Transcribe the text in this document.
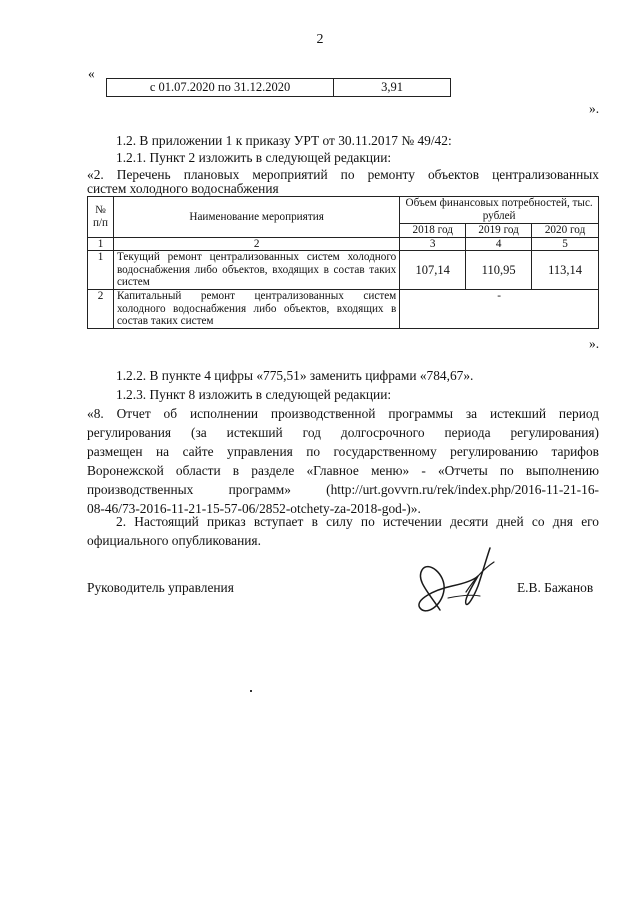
2
«
с 01.07.2020 по 31.12.2020	3,91
».
1.2. В приложении 1 к приказу УРТ от 30.11.2017 № 49/42:
1.2.1. Пункт 2 изложить в следующей редакции:
«2. Перечень плановых мероприятий по ремонту объектов централизованных
систем холодного водоснабжения
№ п/п	Наименование мероприятия	Объем финансовых потребностей, тыс. рублей		
		2018 год	2019 год	2020 год
1	2	3	4	5
1	Текущий ремонт централизованных систем холодного водоснабжения либо объектов, входящих в состав таких систем	107,14	110,95	113,14
2	Капитальный ремонт централизованных систем холодного водоснабжения либо объектов, входящих в состав таких систем	-		
».
1.2.2. В пункте 4 цифры «775,51» заменить цифрами «784,67».
1.2.3. Пункт 8 изложить в следующей редакции:
«8. Отчет об исполнении производственной программы за истекший период
регулирования (за истекший год долгосрочного периода регулирования)
размещен на сайте управления по государственному регулированию тарифов
Воронежской области в разделе «Главное меню» - «Отчеты по выполнению
производственных программ» (http://urt.govvrn.ru/rek/index.php/2016-11-21-16-
08-46/73-2016-11-21-15-57-06/2852-otchety-za-2018-god-)».
2. Настоящий приказ вступает в силу по истечении десяти дней со дня его
официального опубликования.
Руководитель управления	Е.В. Бажанов
